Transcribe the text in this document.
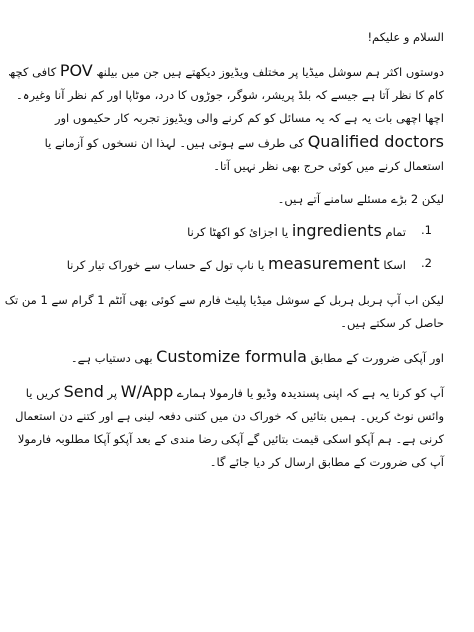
السلام و علیکم!

دوستوں اکثر ہم سوشل میڈیا پر مختلف ویڈیوز دیکھتے ہیں جن میں بیلنھ POV کافی کچھ
کام کا نظر آتا ہے جیسے کہ بلڈ پریشر، شوگر، جوڑوں کا درد، موٹاپا اور کم نظر آنا وغیرہ۔
اچھا اچھی بات یہ ہے کہ یہ مسائل کو کم کرنے والی ویڈیوز تجربہ کار حکیموں اور
Qualified doctors کی طرف سے ہوتی ہیں۔ لہذا ان نسخوں کو آزمانے یا
استعمال کرنے میں کوئی حرج بھی نظر نہیں آتا۔

لیکن 2 بڑے مسئلے سامنے آتے ہیں۔

1.
تمام ingredients یا اجزائ کو اکھٹا کرنا
2.
اسکا measurement یا ناپ تول کے حساب سے خوراک تیار کرنا

لیکن اب آپ ہربل ہربل کے سوشل میڈیا پلیٹ فارم سے کوئی بھی آئٹم 1 گرام سے 1 من تک
حاصل کر سکتے ہیں۔

اور آپکی ضرورت کے مطابق Customize formula بھی دستیاب ہے۔

آپ کو کرنا یہ ہے کہ اپنی پسندیدہ وڈیو یا فارمولا ہمارے W/App پر Send کریں یا
وائس نوٹ کریں۔ ہمیں بتائیں کہ خوراک دن میں کتنی دفعہ لینی ہے اور کتنے دن استعمال
کرنی ہے۔ ہم آپکو اسکی قیمت بتائیں گے آپکی رضا مندی کے بعد آپکو آپکا مطلوبہ فارمولا
آپ کی ضرورت کے مطابق ارسال کر دیا جائے گا۔
